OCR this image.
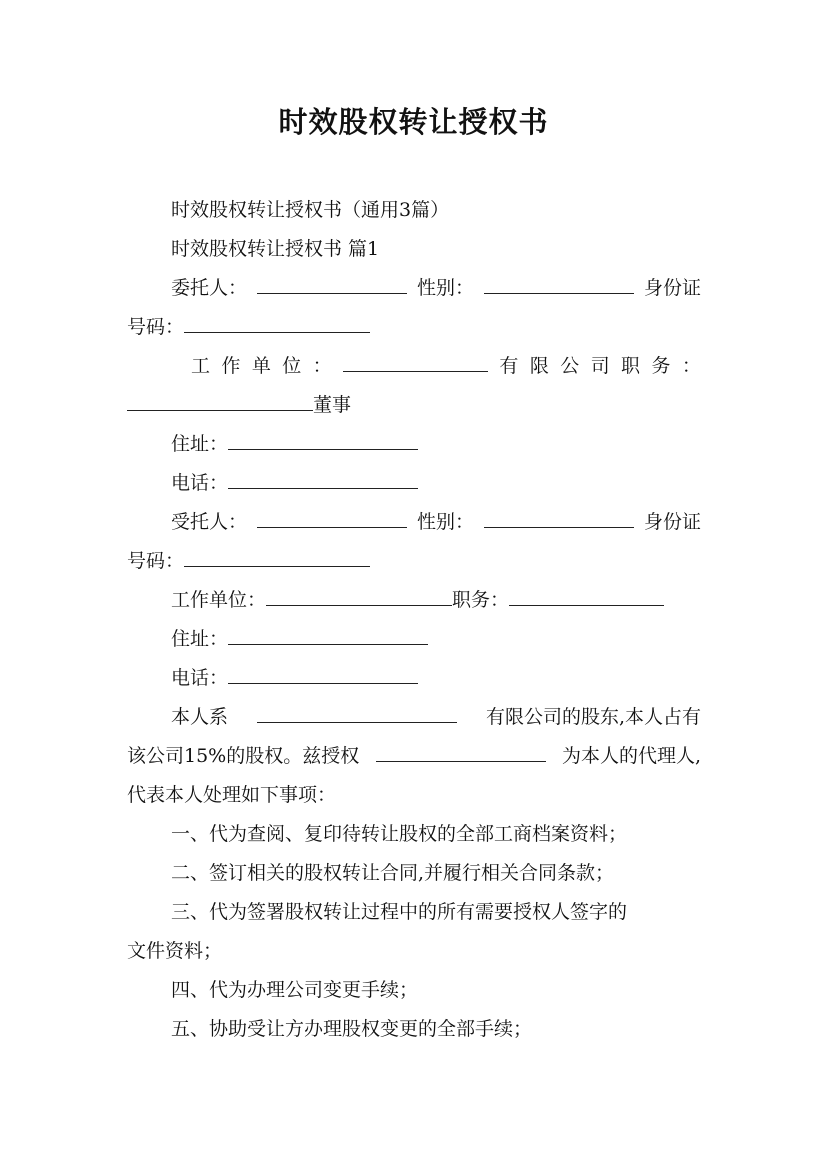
时效股权转让授权书

时效股权转让授权书（通用3篇）

时效股权转让授权书 篇1

委托人：	性别：	身份证

号码：

工 作 单 位 ：	有 限 公 司 职 务 ：

董事

住址：

电话：

受托人：	性别：	身份证

号码：

工作单位：	职务：

住址：

电话：

本人系	有限公司的股东,本人占有

该公司15%的股权。兹授权	为本人的代理人,

代表本人处理如下事项：

一、代为查阅、复印待转让股权的全部工商档案资料；

二、签订相关的股权转让合同,并履行相关合同条款；

三、代为签署股权转让过程中的所有需要授权人签字的

文件资料；

四、代为办理公司变更手续；

五、协助受让方办理股权变更的全部手续；
